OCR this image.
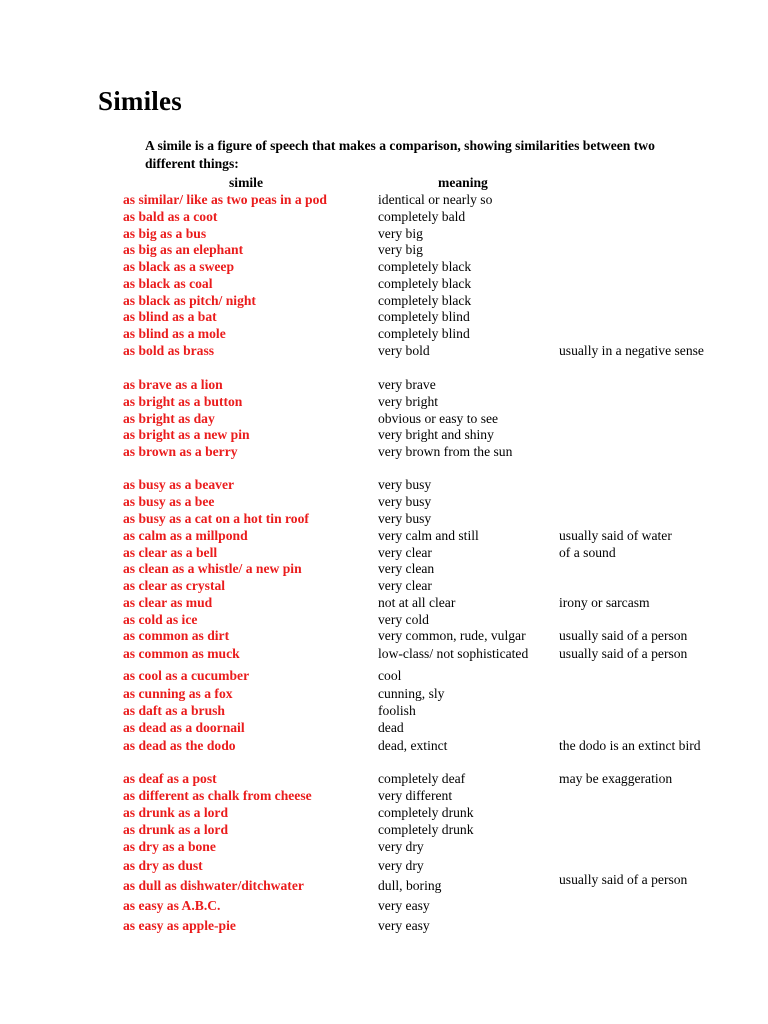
Similes
A simile is a figure of speech that makes a comparison, showing similarities between two different things:
simile	meaning
as similar/ like as two peas in a pod	identical or nearly so
as bald as a coot	completely bald
as big as a bus	very big
as big as an elephant	very big
as black as a sweep	completely black
as black as coal	completely black
as black as pitch/ night	completely black
as blind as a bat	completely blind
as blind as a mole	completely blind
as bold as brass	very bold	usually in a negative sense
as brave as a lion	very brave
as bright as a button	very bright
as bright as day	obvious or easy to see
as bright as a new pin	very bright and shiny
as brown as a berry	very brown from the sun
as busy as a beaver	very busy
as busy as a bee	very busy
as busy as a cat on a hot tin roof	very busy
as calm as a millpond	very calm and still	usually said of water
as clear as a bell	very clear	of a sound
as clean as a whistle/ a new pin	very clean
as clear as crystal	very clear
as clear as mud	not at all clear	irony or sarcasm
as cold as ice	very cold
as common as dirt	very common, rude, vulgar	usually said of a person
as common as muck	low-class/ not sophisticated	usually said of a person
as cool as a cucumber	cool
as cunning as a fox	cunning, sly
as daft as a brush	foolish
as dead as a doornail	dead
as dead as the dodo	dead, extinct	the dodo is an extinct bird
as deaf as a post	completely deaf	may be exaggeration
as different as chalk from cheese	very different
as drunk as a lord	completely drunk
as drunk as a lord	completely drunk
as dry as a bone	very dry
as dry as dust	very dry
as dull as dishwater/ditchwater	dull, boring	usually said of a person
as easy as A.B.C.	very easy
as easy as apple-pie	very easy
